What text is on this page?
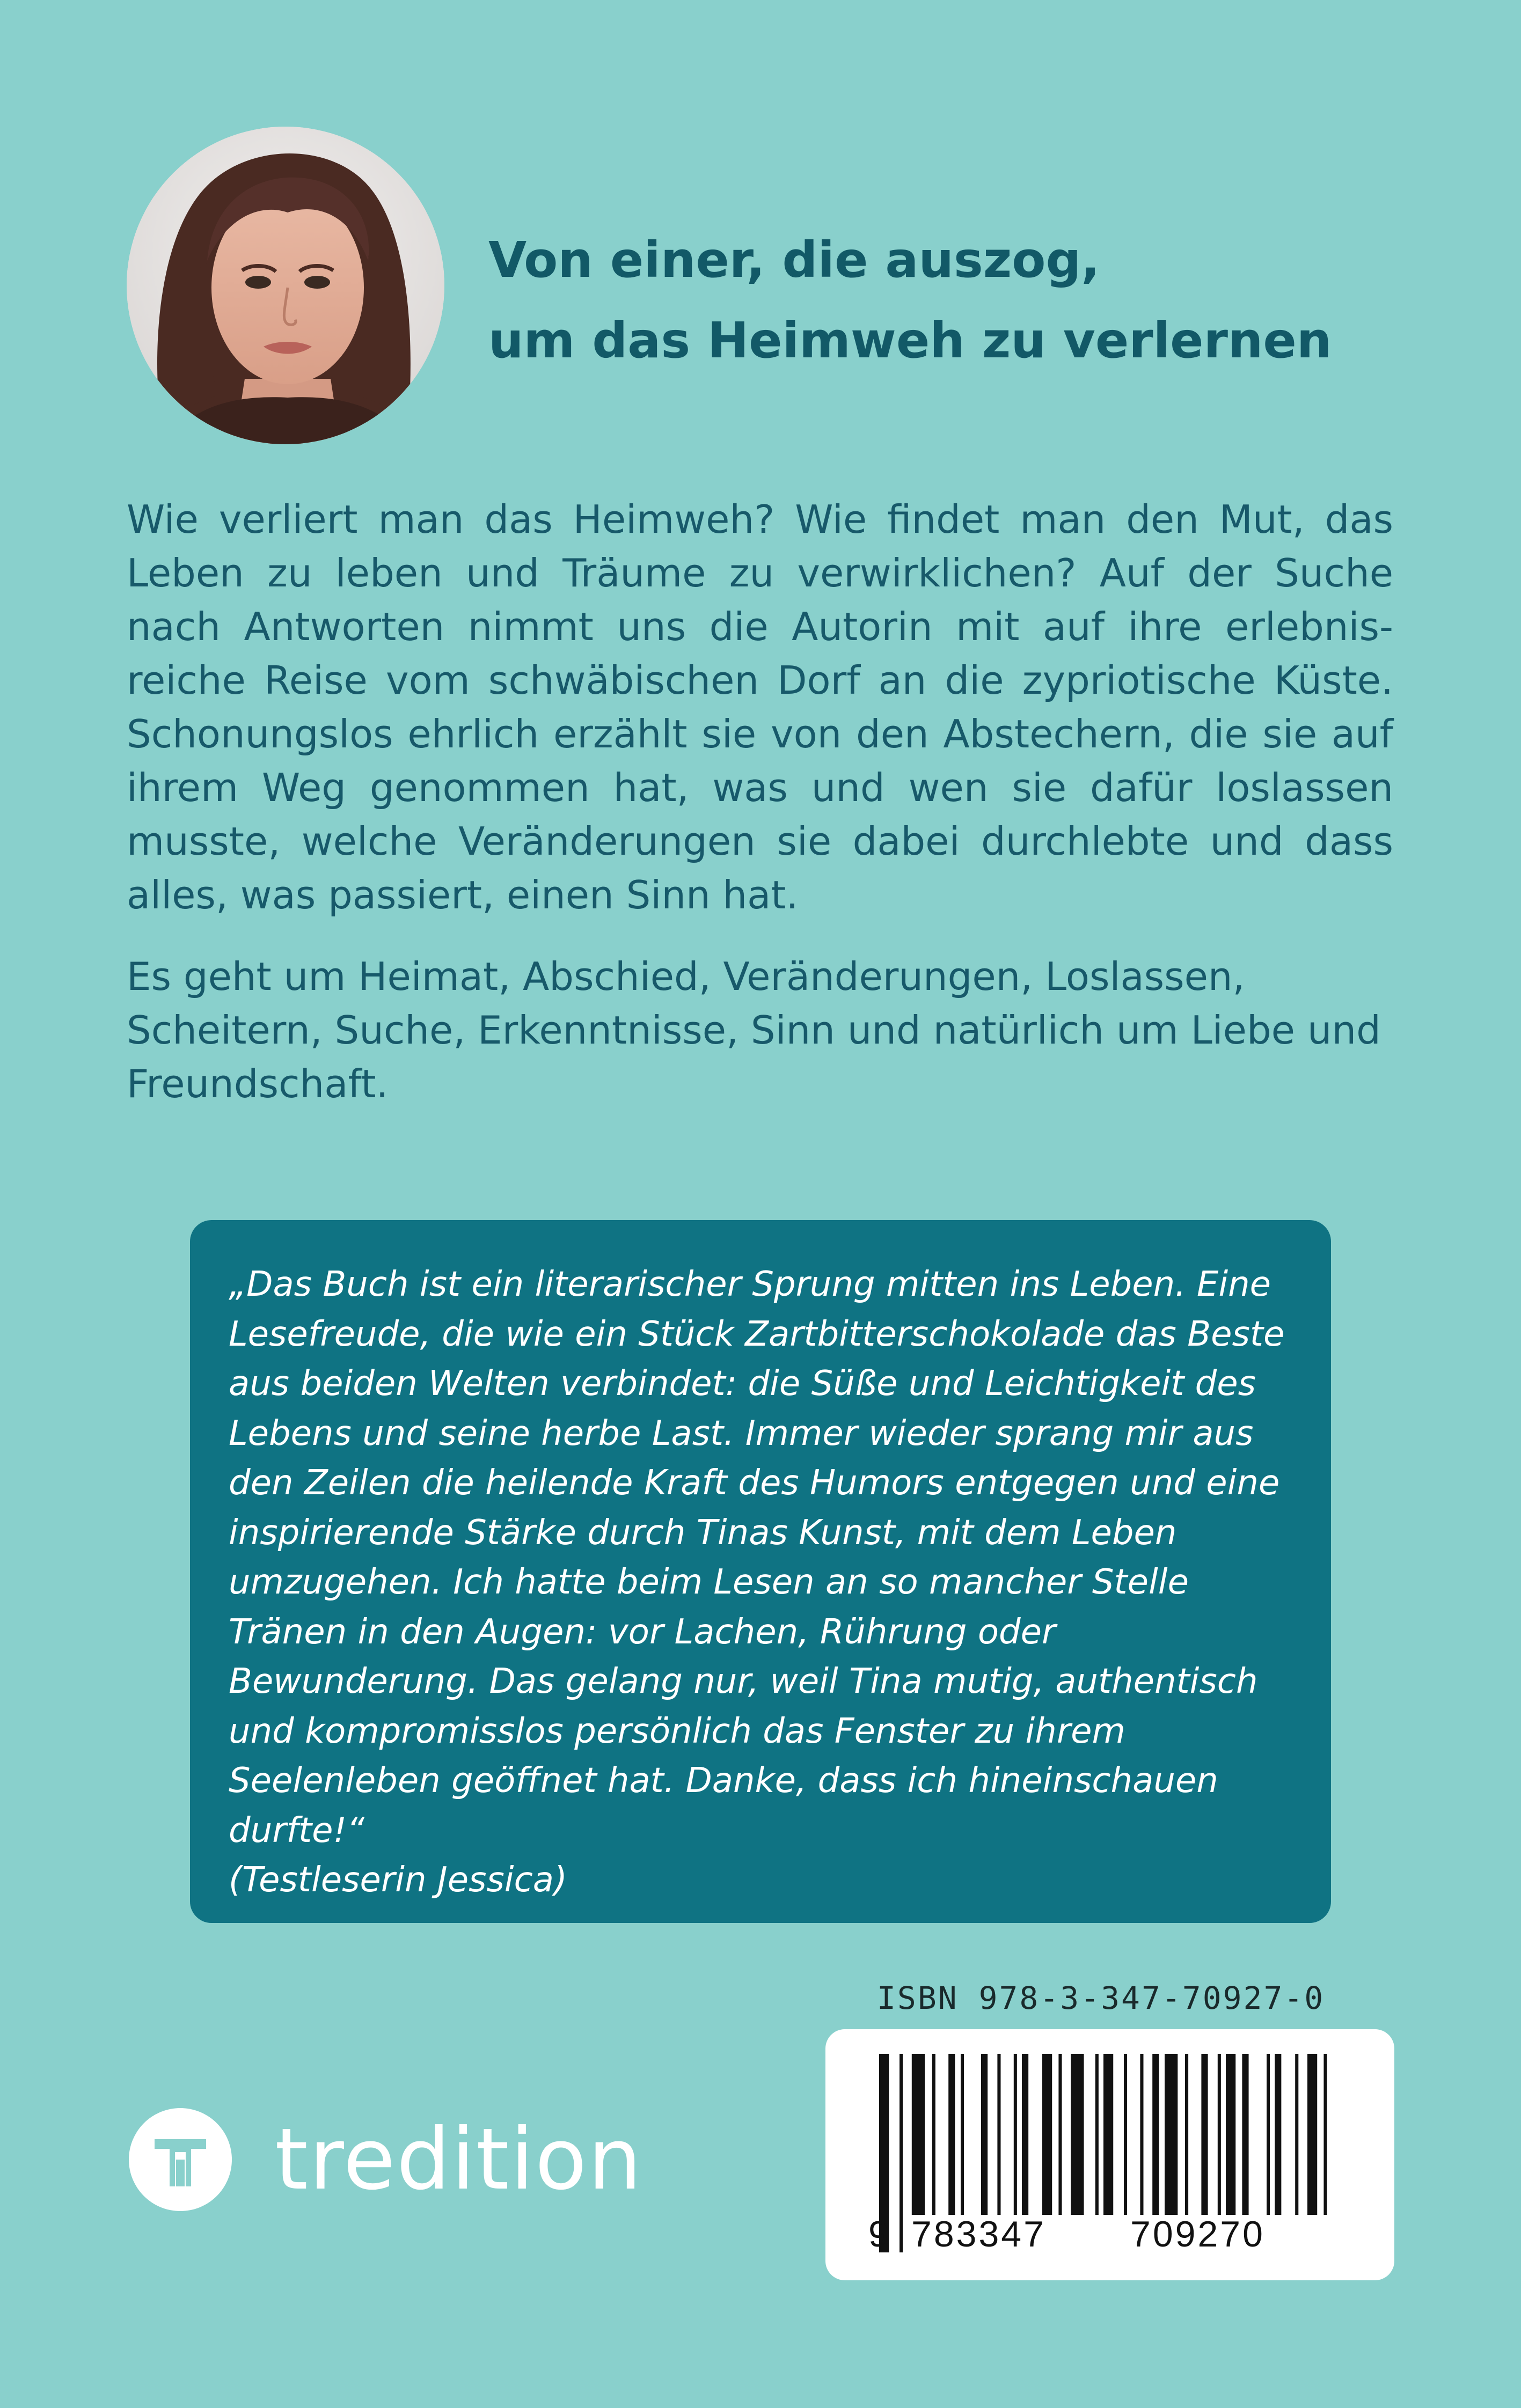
Von einer, die auszog,
um das Heimweh zu verlernen

Wie verliert man das Heimweh? Wie findet man den Mut, das Leben zu leben und Träume zu verwirklichen? Auf der Suche nach Antworten nimmt uns die Autorin mit auf ihre erlebnisreiche Reise vom schwäbischen Dorf an die zypriotische Küste. Schonungslos ehrlich erzählt sie von den Abstechern, die sie auf ihrem Weg genommen hat, was und wen sie dafür loslassen musste, welche Veränderungen sie dabei durchlebte und dass alles, was passiert, einen Sinn hat.

Es geht um Heimat, Abschied, Veränderungen, Loslassen, Scheitern, Suche, Erkenntnisse, Sinn und natürlich um Liebe und Freundschaft.

„Das Buch ist ein literarischer Sprung mitten ins Leben. Eine Lesefreude, die wie ein Stück Zartbitterschokolade das Beste aus beiden Welten verbindet: die Süße und Leichtigkeit des Lebens und seine herbe Last. Immer wieder sprang mir aus den Zeilen die heilende Kraft des Humors entgegen und eine inspirierende Stärke durch Tinas Kunst, mit dem Leben umzugehen. Ich hatte beim Lesen an so mancher Stelle Tränen in den Augen: vor Lachen, Rührung oder Bewunderung. Das gelang nur, weil Tina mutig, authentisch und kompromisslos persönlich das Fenster zu ihrem Seelenleben geöffnet hat. Danke, dass ich hineinschauen durfte!“

(Testleserin Jessica)

ISBN 978-3-347-70927-0
9 783347 709270
tredition
